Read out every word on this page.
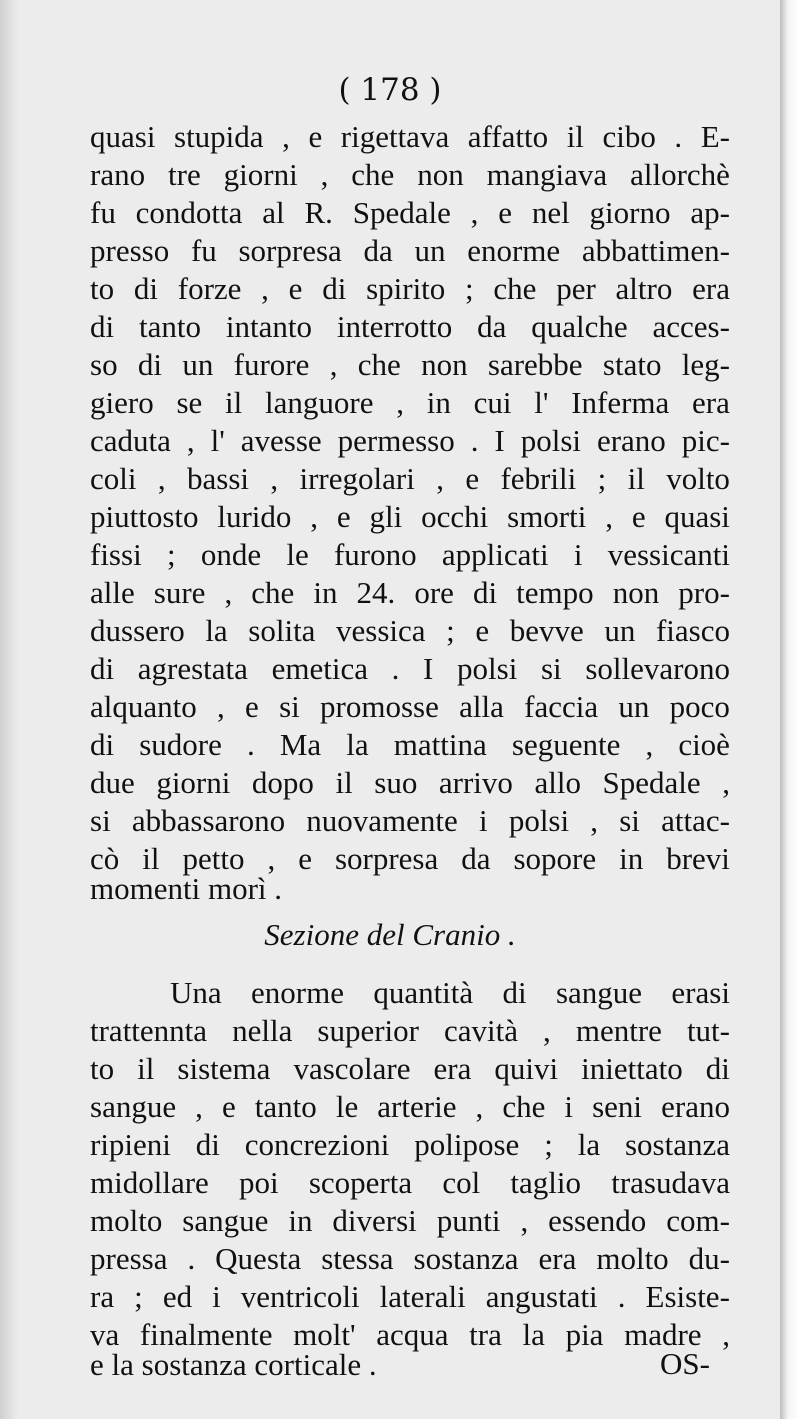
( 178 )
quasi stupida , e rigettava affatto il cibo . E-
rano tre giorni , che non mangiava allorchè
fu condotta al R. Spedale , e nel giorno ap-
presso fu sorpresa da un enorme abbattimen-
to di forze , e di spirito ; che per altro era
di tanto intanto interrotto da qualche acces-
so di un furore , che non sarebbe stato leg-
giero se il languore , in cui l' Inferma era
caduta , l' avesse permesso . I polsi erano pic-
coli , bassi , irregolari , e febrili ; il volto
piuttosto lurido , e gli occhi smorti , e quasi
fissi ; onde le furono applicati i vessicanti
alle sure , che in 24. ore di tempo non pro-
dussero la solita vessica ; e bevve un fiasco
di agrestata emetica . I polsi si sollevarono
alquanto , e si promosse alla faccia un poco
di sudore . Ma la mattina seguente , cioè
due giorni dopo il suo arrivo allo Spedale ,
si abbassarono nuovamente i polsi , si attac-
cò il petto , e sorpresa da sopore in brevi
momenti morì .
Sezione del Cranio .
Una enorme quantità di sangue erasi
trattennta nella superior cavità , mentre tut-
to il sistema vascolare era quivi iniettato di
sangue , e tanto le arterie , che i seni erano
ripieni di concrezioni polipose ; la sostanza
midollare poi scoperta col taglio trasudava
molto sangue in diversi punti , essendo com-
pressa . Questa stessa sostanza era molto du-
ra ; ed i ventricoli laterali angustati . Esiste-
va finalmente molt' acqua tra la pia madre ,
e la sostanza corticale .	OS-
